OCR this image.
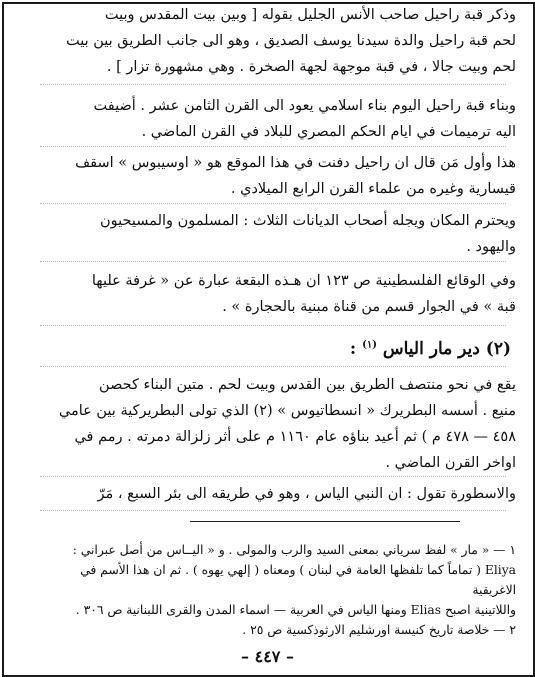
وذكر قبة راحيل صاحب الأنس الجليل بقوله [ وبين بيت المقدس وبيت

لحم قبة راحيل والدة سيدنا يوسف الصديق ، وهو الى جانب الطريق بين بيت

لحم وبيت جالا ، في قبة موجهة لجهة الصخرة . وهي مشهورة تزار ] .

وبناء قبة راحيل اليوم بناء اسلامي يعود الى القرن الثامن عشر . أضيفت

اليه ترميمات في ايام الحكم المصري للبلاد في القرن الماضي .

هذا وأول مَن قال ان راحيل دفنت في هذا الموقع هو « اوسيبوس » اسقف

قيسارية وغيره من علماء القرن الرابع الميلادي .

ويحترم المكان ويجله أصحاب الديانات الثلاث : المسلمون والمسيحيون

واليهود .

وفي الوقائع الفلسطينية ص ١٢٣ ان هـذه البقعة عبارة عن « غرفة عليها

قبة » في الجوار قسم من قناة مبنية بالحجارة » .

(٢) دير مار الياس $^{(١)}$ :

يقع في نحو منتصف الطريق بين القدس وبيت لحم . متين البناء كحصن

منيع . أسسه البطريرك « انسطاتيوس » (٢) الذي تولى البطريركية بين عامي

٤٥٨ — ٤٧٨ م ) ثم أعيد بناؤه عام ١١٦٠ م على أثر زلزالة دمرته . رمم في

اواخر القرن الماضي .

والاسطورة تقول : ان النبي الياس ، وهو في طريقه الى بئر السبع ، مَرّ

١ — « مار » لفظ سرياني بمعنى السيد والرب والمولى . و « اليــاس من أصل عبراني :

Eliya ( تماماً كما تلفظها العامة في لبنان ) ومعناه ( إلهي يهوه ) . ثم ان هذا الأسم في الاغريقية

واللاتينية اصبح Elias ومنها الياس في العربية — اسماء المدن والقرى اللبنانية ص ٣٠٦ .

٢ — خلاصة تاريخ كنيسة اورشليم الارثوذكسية ص ٢٥ .

– ٤٤٧ –
